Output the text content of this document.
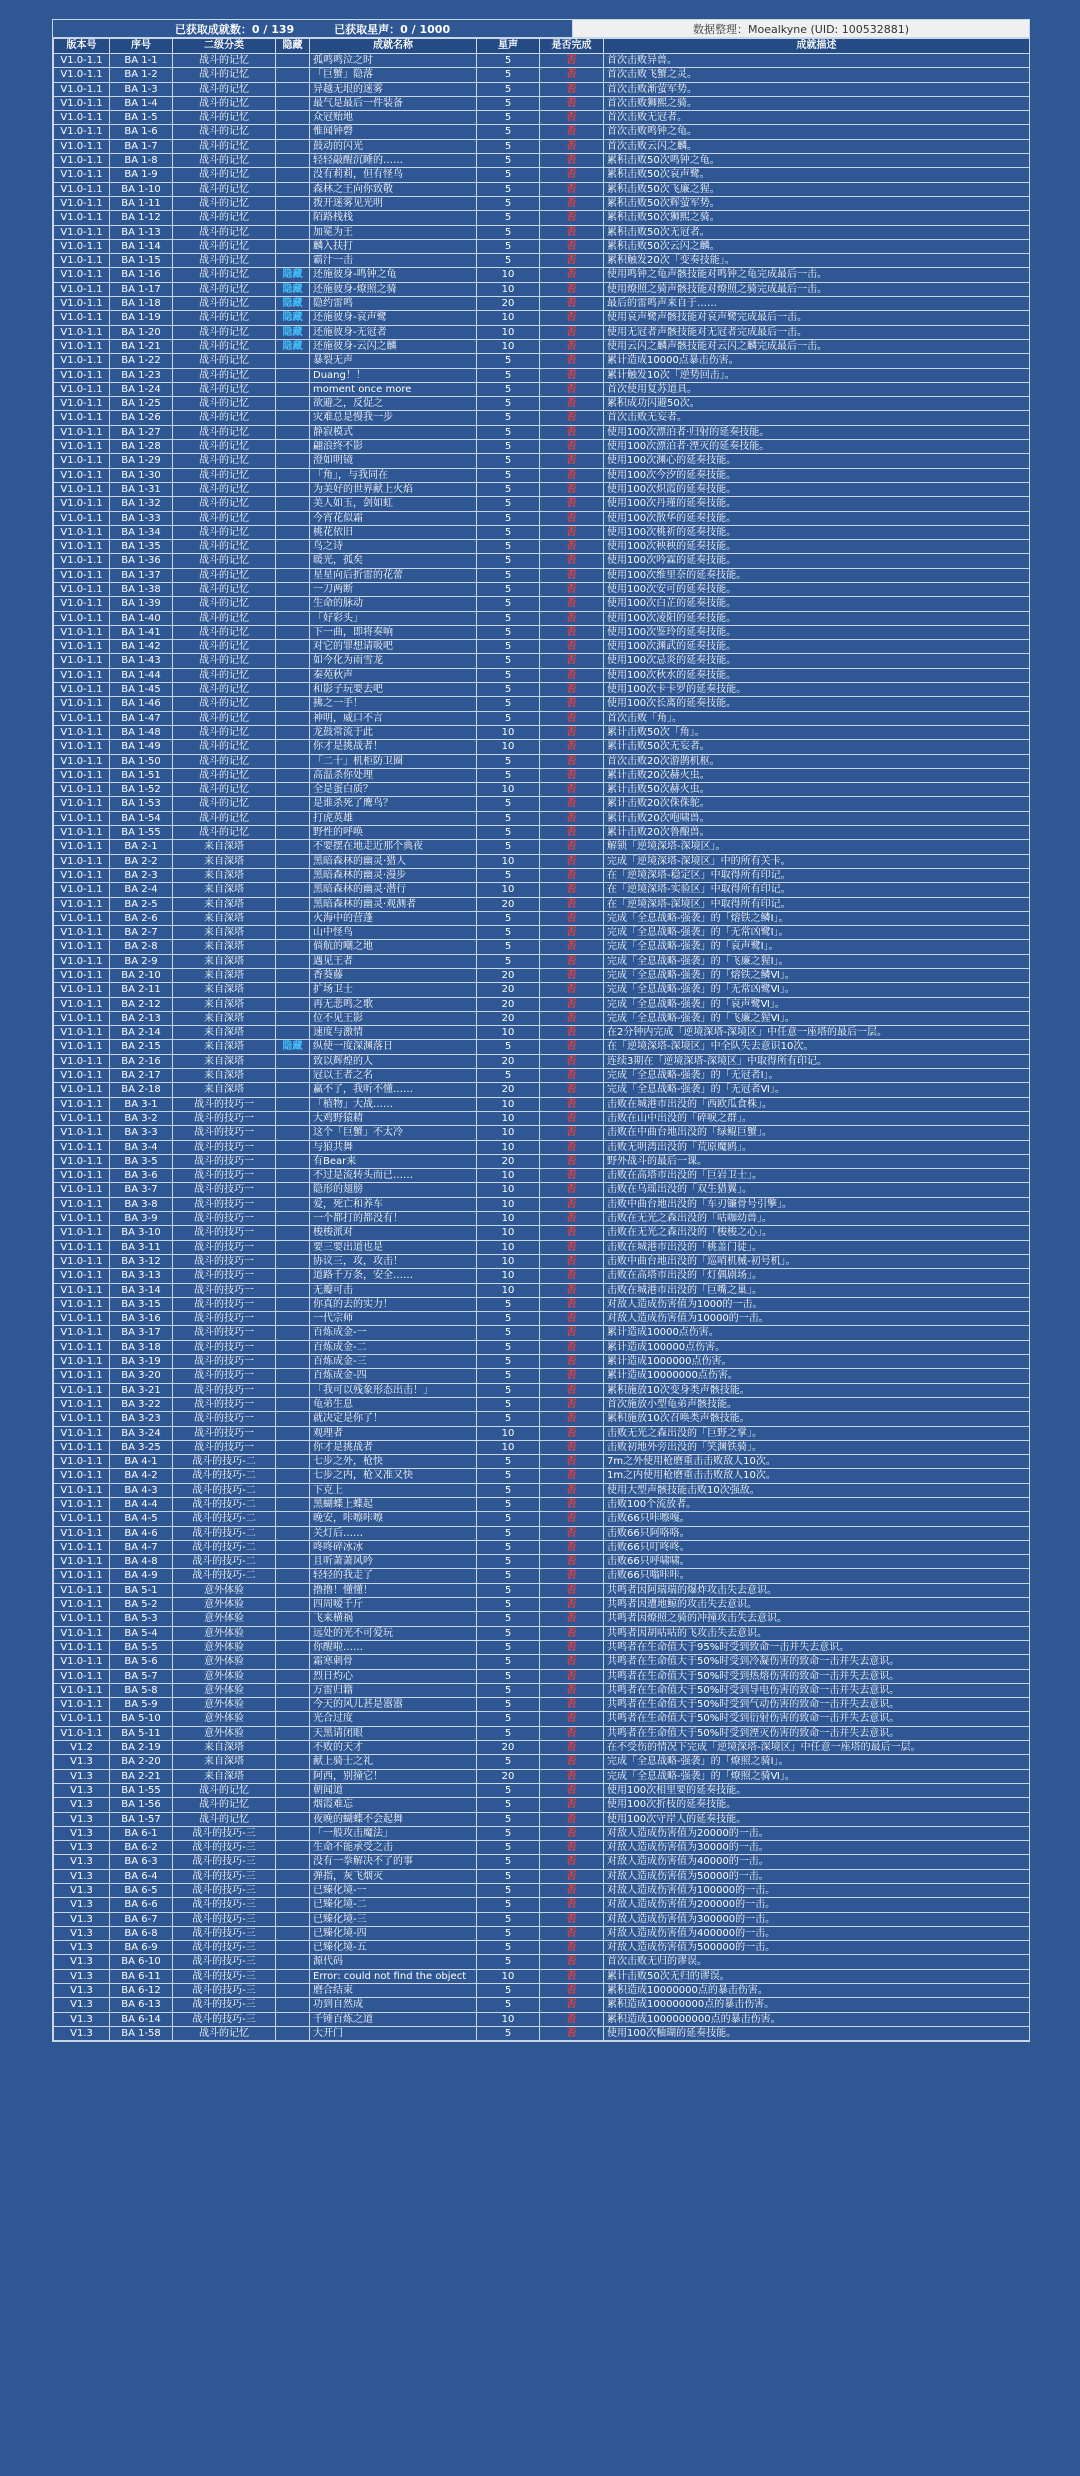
已获取成就数：0 / 139	已获取星声：0 / 1000	数据整理：Moealkyne (UID: 100532881)
版本号	序号	二级分类	隐藏	成就名称	星声	是否完成	成就描述
V1.0-1.1	BA 1-1	战斗的记忆		孤鸣鸣泣之时	5	否	首次击败异兽。
V1.0-1.1	BA 1-2	战斗的记忆		「巨蟹」隐落	5	否	首次击败飞蟹之灵。
V1.0-1.1	BA 1-3	战斗的记忆		异越无垠的迷雾	5	否	首次击败渐萤军势。
V1.0-1.1	BA 1-4	战斗的记忆		最气是最后一件装备	5	否	首次击败狮熙之骑。
V1.0-1.1	BA 1-5	战斗的记忆		众冠贻地	5	否	首次击败无冠者。
V1.0-1.1	BA 1-6	战斗的记忆		惟闻钟磬	5	否	首次击败鸣钟之龟。
V1.0-1.1	BA 1-7	战斗的记忆		鼓动的闪光	5	否	首次击败云闪之麟。
V1.0-1.1	BA 1-8	战斗的记忆		轻轻敲醒沉睡的……	5	否	累积击败50次鸣钟之龟。
V1.0-1.1	BA 1-9	战斗的记忆		没有莉莉，但有怪鸟	5	否	累积击败50次哀声鹭。
V1.0-1.1	BA 1-10	战斗的记忆		森林之王向你致敬	5	否	累积击败50次飞廉之猩。
V1.0-1.1	BA 1-11	战斗的记忆		拨开迷雾见光明	5	否	累积击败50次辉萤军势。
V1.0-1.1	BA 1-12	战斗的记忆		陌路栈栈	5	否	累积击败50次狮熙之骑。
V1.0-1.1	BA 1-13	战斗的记忆		加冕为王	5	否	累积击败50次无冠者。
V1.0-1.1	BA 1-14	战斗的记忆		麟入扶打	5	否	累积击败50次云闪之麟。
V1.0-1.1	BA 1-15	战斗的记忆		霸汁一击	5	否	累积触发20次「变奏技能」。
V1.0-1.1	BA 1-16	战斗的记忆	隐藏	还施彼身-鸣钟之龟	10	否	使用鸣钟之龟声骸技能对鸣钟之龟完成最后一击。
V1.0-1.1	BA 1-17	战斗的记忆	隐藏	还施彼身-燎照之骑	10	否	使用燎照之骑声骸技能对燎照之骑完成最后一击。
V1.0-1.1	BA 1-18	战斗的记忆	隐藏	隐约雷鸣	20	否	最后的雷鸣声来自于……
V1.0-1.1	BA 1-19	战斗的记忆	隐藏	还施彼身-哀声鹭	10	否	使用哀声鹭声骸技能对哀声鹭完成最后一击。
V1.0-1.1	BA 1-20	战斗的记忆	隐藏	还施彼身-无冠者	10	否	使用无冠者声骸技能对无冠者完成最后一击。
V1.0-1.1	BA 1-21	战斗的记忆	隐藏	还施彼身-云闪之麟	10	否	使用云闪之麟声骸技能对云闪之麟完成最后一击。
V1.0-1.1	BA 1-22	战斗的记忆		暴裂无声	5	否	累计造成10000点暴击伤害。
V1.0-1.1	BA 1-23	战斗的记忆		Duang！！	5	否	累计触发10次「逆势回击」。
V1.0-1.1	BA 1-24	战斗的记忆		moment once more	5	否	首次使用复苏道具。
V1.0-1.1	BA 1-25	战斗的记忆		欲避之，反促之	5	否	累积成功闪避50次。
V1.0-1.1	BA 1-26	战斗的记忆		灾难总是慢我一步	5	否	首次击败无妄者。
V1.0-1.1	BA 1-27	战斗的记忆		静寂模式	5	否	使用100次漂泊者·归射的延奏技能。
V1.0-1.1	BA 1-28	战斗的记忆		翩浪终不影	5	否	使用100次漂泊者·湮灭的延奏技能。
V1.0-1.1	BA 1-29	战斗的记忆		澄如明镜	5	否	使用100次渊心的延奏技能。
V1.0-1.1	BA 1-30	战斗的记忆		「角」，与我同在	5	否	使用100次今汐的延奏技能。
V1.0-1.1	BA 1-31	战斗的记忆		为美好的世界献上火焰	5	否	使用100次炽霞的延奏技能。
V1.0-1.1	BA 1-32	战斗的记忆		美人如玉，剑如虹	5	否	使用100次丹瑾的延奏技能。
V1.0-1.1	BA 1-33	战斗的记忆		今宵花似霜	5	否	使用100次散华的延奏技能。
V1.0-1.1	BA 1-34	战斗的记忆		桃花依旧	5	否	使用100次桃祈的延奏技能。
V1.0-1.1	BA 1-35	战斗的记忆		鸟之诗	5	否	使用100次秧秧的延奏技能。
V1.0-1.1	BA 1-36	战斗的记忆		暖光，孤矣	5	否	使用100次吟霖的延奏技能。
V1.0-1.1	BA 1-37	战斗的记忆		星星向后折雷的花蕾	5	否	使用100次维里奈的延奏技能。
V1.0-1.1	BA 1-38	战斗的记忆		一刀两断	5	否	使用100次安可的延奏技能。
V1.0-1.1	BA 1-39	战斗的记忆		生命的脉动	5	否	使用100次白芷的延奏技能。
V1.0-1.1	BA 1-40	战斗的记忆		「好彩头」	5	否	使用100次凌阳的延奏技能。
V1.0-1.1	BA 1-41	战斗的记忆		下一曲，即将奏响	5	否	使用100次鉴玲的延奏技能。
V1.0-1.1	BA 1-42	战斗的记忆		对它的罪想请吸吧	5	否	使用100次渊武的延奏技能。
V1.0-1.1	BA 1-43	战斗的记忆		如今化为雨雪龙	5	否	使用100次忌炎的延奏技能。
V1.0-1.1	BA 1-44	战斗的记忆		秦苑秋声	5	否	使用100次秋水的延奏技能。
V1.0-1.1	BA 1-45	战斗的记忆		和影子玩要去吧	5	否	使用100次卡卡罗的延奏技能。
V1.0-1.1	BA 1-46	战斗的记忆		拂之一手！	5	否	使用100次长离的延奏技能。
V1.0-1.1	BA 1-47	战斗的记忆		神明，威口不言	5	否	首次击败「角」。
V1.0-1.1	BA 1-48	战斗的记忆		龙鼓常流于此	10	否	累计击败50次「角」。
V1.0-1.1	BA 1-49	战斗的记忆		你才是挑战者！	10	否	累计击败50次无妄者。
V1.0-1.1	BA 1-50	战斗的记忆		「二十」机柜防卫圈	5	否	首次击败20次游鹊机枢。
V1.0-1.1	BA 1-51	战斗的记忆		高温杀你处理	5	否	累计击败20次赫火虫。
V1.0-1.1	BA 1-52	战斗的记忆		全是蛋白质？	10	否	累计击败50次赫火虫。
V1.0-1.1	BA 1-53	战斗的记忆		是谁杀死了鹰鸟？	5	否	累计击败20次侏侏鸵。
V1.0-1.1	BA 1-54	战斗的记忆		打虎英雄	5	否	累计击败20次咆啸兽。
V1.0-1.1	BA 1-55	战斗的记忆		野性的呼唤	5	否	累计击败20次鲁酿兽。
V1.0-1.1	BA 2-1	来自深塔		不要摆在地走近那个典夜	5	否	解锁「逆境深塔-深境区」。
V1.0-1.1	BA 2-2	来自深塔		黑暗森林的幽灵·猎人	10	否	完成「逆境深塔-深境区」中的所有关卡。
V1.0-1.1	BA 2-3	来自深塔		黑暗森林的幽灵·漫步	5	否	在「逆境深塔-稳定区」中取得所有印记。
V1.0-1.1	BA 2-4	来自深塔		黑暗森林的幽灵·潜行	10	否	在「逆境深塔-实验区」中取得所有印记。
V1.0-1.1	BA 2-5	来自深塔		黑暗森林的幽灵·观测者	20	否	在「逆境深塔-深境区」中取得所有印记。
V1.0-1.1	BA 2-6	来自深塔		火海中的营蓬	5	否	完成「全息战略-强袭」的「熔铁之鳞Ⅰ」。
V1.0-1.1	BA 2-7	来自深塔		山中怪鸟	5	否	完成「全息战略-强袭」的「无常凶鹭Ⅰ」。
V1.0-1.1	BA 2-8	来自深塔		倘航的嘲之地	5	否	完成「全息战略-强袭」的「哀声鹭Ⅰ」。
V1.0-1.1	BA 2-9	来自深塔		遇见王者	5	否	完成「全息战略-强袭」的「飞廉之猩Ⅰ」。
V1.0-1.1	BA 2-10	来自深塔		香葵藤	20	否	完成「全息战略-强袭」的「熔铁之鳞Ⅵ」。
V1.0-1.1	BA 2-11	来自深塔		扩场卫士	20	否	完成「全息战略-强袭」的「无常凶鹭Ⅵ」。
V1.0-1.1	BA 2-12	来自深塔		再无悲鸣之歌	20	否	完成「全息战略-强袭」的「哀声鹭Ⅵ」。
V1.0-1.1	BA 2-13	来自深塔		位不见王影	20	否	完成「全息战略-强袭」的「飞廉之猩Ⅵ」。
V1.0-1.1	BA 2-14	来自深塔		速度与激情	10	否	在2分钟内完成「逆境深塔-深境区」中任意一座塔的最后一层。
V1.0-1.1	BA 2-15	来自深塔	隐藏	纵使一度深渊落日	5	否	在「逆境深塔-深境区」中全队失去意识10次。
V1.0-1.1	BA 2-16	来自深塔		致以辉煌的人	20	否	连续3期在「逆境深塔-深境区」中取得所有印记。
V1.0-1.1	BA 2-17	来自深塔		冠以王者之名	5	否	完成「全息战略-强袭」的「无冠者Ⅰ」。
V1.0-1.1	BA 2-18	来自深塔		赢不了，我听不懂……	20	否	完成「全息战略-强袭」的「无冠者Ⅵ」。
V1.0-1.1	BA 3-1	战斗的技巧一		「植物」大战……	10	否	击败在城港市出没的「西欧瓜食株」。
V1.0-1.1	BA 3-2	战斗的技巧一		大鸡野猿精	10	否	击败在山中出没的「碎唳之群」。
V1.0-1.1	BA 3-3	战斗的技巧一		这个「巨蟹」不太冷	10	否	击败在中曲台地出没的「绿鲲巨蟹」。
V1.0-1.1	BA 3-4	战斗的技巧一		与狼共舞	10	否	击败无明湾出没的「荒原魔鸥」。
V1.0-1.1	BA 3-5	战斗的技巧一		有Bear来	20	否	野外战斗的最后一课。
V1.0-1.1	BA 3-6	战斗的技巧一		不过是流转头而已……	10	否	击败在高塔市出没的「巨岩卫士」。
V1.0-1.1	BA 3-7	战斗的技巧一		隐形的翅膀	10	否	击败在乌瑶出没的「双生猎翼」。
V1.0-1.1	BA 3-8	战斗的技巧一		爱，死亡和养车	10	否	击败中曲台地出没的「车刃镰骨号引擎」。
V1.0-1.1	BA 3-9	战斗的技巧一		一个都打的都没有！	10	否	击败在无光之森出没的「咕咖幼兽」。
V1.0-1.1	BA 3-10	战斗的技巧一		梭梭派对	10	否	击败在无光之森出没的「梭梭之心」。
V1.0-1.1	BA 3-11	战斗的技巧一		要三要出道也是	10	否	击败在城港市出没的「桃盖门徒」。
V1.0-1.1	BA 3-12	战斗的技巧一		协议三，攻，攻击！	10	否	击败中曲台地出没的「巡哨机械-初号机」。
V1.0-1.1	BA 3-13	战斗的技巧一		道路千万条，安全……	10	否	击败在高塔市出没的「灯偶剧场」。
V1.0-1.1	BA 3-14	战斗的技巧一		无瓣可击	10	否	击败在城港市出没的「巨嘴之巢」。
V1.0-1.1	BA 3-15	战斗的技巧一		你真的去的实力！	5	否	对敌人造成伤害值为1000的一击。
V1.0-1.1	BA 3-16	战斗的技巧一		一代宗师	5	否	对敌人造成伤害值为10000的一击。
V1.0-1.1	BA 3-17	战斗的技巧一		百炼成金-一	5	否	累计造成10000点伤害。
V1.0-1.1	BA 3-18	战斗的技巧一		百炼成金-二	5	否	累计造成100000点伤害。
V1.0-1.1	BA 3-19	战斗的技巧一		百炼成金-三	5	否	累计造成1000000点伤害。
V1.0-1.1	BA 3-20	战斗的技巧一		百炼成金-四	5	否	累计造成10000000点伤害。
V1.0-1.1	BA 3-21	战斗的技巧一		「我可以残象形态出击！」	5	否	累积施放10次变身类声骸技能。
V1.0-1.1	BA 3-22	战斗的技巧一		龟弟生息	5	否	首次施放小型龟弟声骸技能。
V1.0-1.1	BA 3-23	战斗的技巧一		就决定是你了！	5	否	累积施放10次召唤类声骸技能。
V1.0-1.1	BA 3-24	战斗的技巧一		观理者	10	否	击败无光之森出没的「巨野之掌」。
V1.0-1.1	BA 3-25	战斗的技巧一		你才是挑战者	10	否	击败初地外旁出没的「笑渊铁骑」。
V1.0-1.1	BA 4-1	战斗的技巧-二		七步之外，枪快	5	否	7m之外使用枪磨重击击败敌人10次。
V1.0-1.1	BA 4-2	战斗的技巧-二		七步之内，枪又准又快	5	否	1m之内使用枪磨重击击败敌人10次。
V1.0-1.1	BA 4-3	战斗的技巧-二		下克上	5	否	使用大型声骸技能击败10次强敌。
V1.0-1.1	BA 4-4	战斗的技巧-二		黑蝴蝶上蝶起	5	否	击败100个流放者。
V1.0-1.1	BA 4-5	战斗的技巧-二		晚安，咔嚓咔嚓	5	否	击败66只咔嚓嘎。
V1.0-1.1	BA 4-6	战斗的技巧-二		关灯后……	5	否	击败66只阿咯咯。
V1.0-1.1	BA 4-7	战斗的技巧-二		咚咚碎冰冰	5	否	击败66只叮咚咚。
V1.0-1.1	BA 4-8	战斗的技巧-二		且听萧萧风吟	5	否	击败66只呼啸啸。
V1.0-1.1	BA 4-9	战斗的技巧-二		轻轻的我走了	5	否	击败66只嗡咔咔。
V1.0-1.1	BA 5-1	意外体验		撸撸！懂懂！	5	否	共鸣者因阿瑞瑞的爆炸攻击失去意识。
V1.0-1.1	BA 5-2	意外体验		四周嗳千斤	5	否	共鸣者因遭地鲸的攻击失去意识。
V1.0-1.1	BA 5-3	意外体验		飞来横祸	5	否	共鸣者因燎照之骑的冲撞攻击失去意识。
V1.0-1.1	BA 5-4	意外体验		远处的光不可爱玩	5	否	共鸣者因胡咕咕的飞攻击失去意识。
V1.0-1.1	BA 5-5	意外体验		你醒啦……	5	否	共鸣者在生命值大于95%时受到致命一击并失去意识。
V1.0-1.1	BA 5-6	意外体验		霜寒刺骨	5	否	共鸣者在生命值大于50%时受到冷凝伤害的致命一击并失去意识。
V1.0-1.1	BA 5-7	意外体验		烈日灼心	5	否	共鸣者在生命值大于50%时受到热熔伤害的致命一击并失去意识。
V1.0-1.1	BA 5-8	意外体验		万雷归籍	5	否	共鸣者在生命值大于50%时受到导电伤害的致命一击并失去意识。
V1.0-1.1	BA 5-9	意外体验		今天的风儿甚是嚣嚣	5	否	共鸣者在生命值大于50%时受到气动伤害的致命一击并失去意识。
V1.0-1.1	BA 5-10	意外体验		光合过度	5	否	共鸣者在生命值大于50%时受到衍射伤害的致命一击并失去意识。
V1.0-1.1	BA 5-11	意外体验		天黑请闭眼	5	否	共鸣者在生命值大于50%时受到湮灭伤害的致命一击并失去意识。
V1.2	BA 2-19	来自深塔		不败的天才	20	否	在不受伤的情况下完成「逆境深塔-深境区」中任意一座塔的最后一层。
V1.3	BA 2-20	来自深塔		献上骑士之礼	5	否	完成「全息战略-强袭」的「燎照之骑Ⅰ」。
V1.3	BA 2-21	来自深塔		阿西，别撞它！	20	否	完成「全息战略-强袭」的「燎照之骑Ⅵ」。
V1.3	BA 1-55	战斗的记忆		朝闻道	5	否	使用100次相里要的延奏技能。
V1.3	BA 1-56	战斗的记忆		烟霞难忘	5	否	使用100次折枝的延奏技能。
V1.3	BA 1-57	战斗的记忆		夜晚的蝴蝶不会起舞	5	否	使用100次守岸人的延奏技能。
V1.3	BA 6-1	战斗的技巧-三		「一般攻击魔法」	5	否	对敌人造成伤害值为20000的一击。
V1.3	BA 6-2	战斗的技巧-三		生命不能承受之击	5	否	对敌人造成伤害值为30000的一击。
V1.3	BA 6-3	战斗的技巧-三		没有一拳解决不了的事	5	否	对敌人造成伤害值为40000的一击。
V1.3	BA 6-4	战斗的技巧-三		弹指，灰飞烟灭	5	否	对敌人造成伤害值为50000的一击。
V1.3	BA 6-5	战斗的技巧-三		已臻化境-一	5	否	对敌人造成伤害值为100000的一击。
V1.3	BA 6-6	战斗的技巧-三		已臻化境-二	5	否	对敌人造成伤害值为200000的一击。
V1.3	BA 6-7	战斗的技巧-三		已臻化境-三	5	否	对敌人造成伤害值为300000的一击。
V1.3	BA 6-8	战斗的技巧-三		已臻化境-四	5	否	对敌人造成伤害值为400000的一击。
V1.3	BA 6-9	战斗的技巧-三		已臻化境-五	5	否	对敌人造成伤害值为500000的一击。
V1.3	BA 6-10	战斗的技巧-三		源代码	5	否	首次击败无归的谬误。
V1.3	BA 6-11	战斗的技巧-三		Error: could not find the object	10	否	累计击败50次无归的谬误。
V1.3	BA 6-12	战斗的技巧-三		磨合结束	5	否	累积造成10000000点的暴击伤害。
V1.3	BA 6-13	战斗的技巧-三		功到自然成	5	否	累积造成100000000点的暴击伤害。
V1.3	BA 6-14	战斗的技巧-三		千锤百炼之道	10	否	累积造成1000000000点的暴击伤害。
V1.3	BA 1-58	战斗的记忆		大开门	5	否	使用100次釉瑚的延奏技能。
